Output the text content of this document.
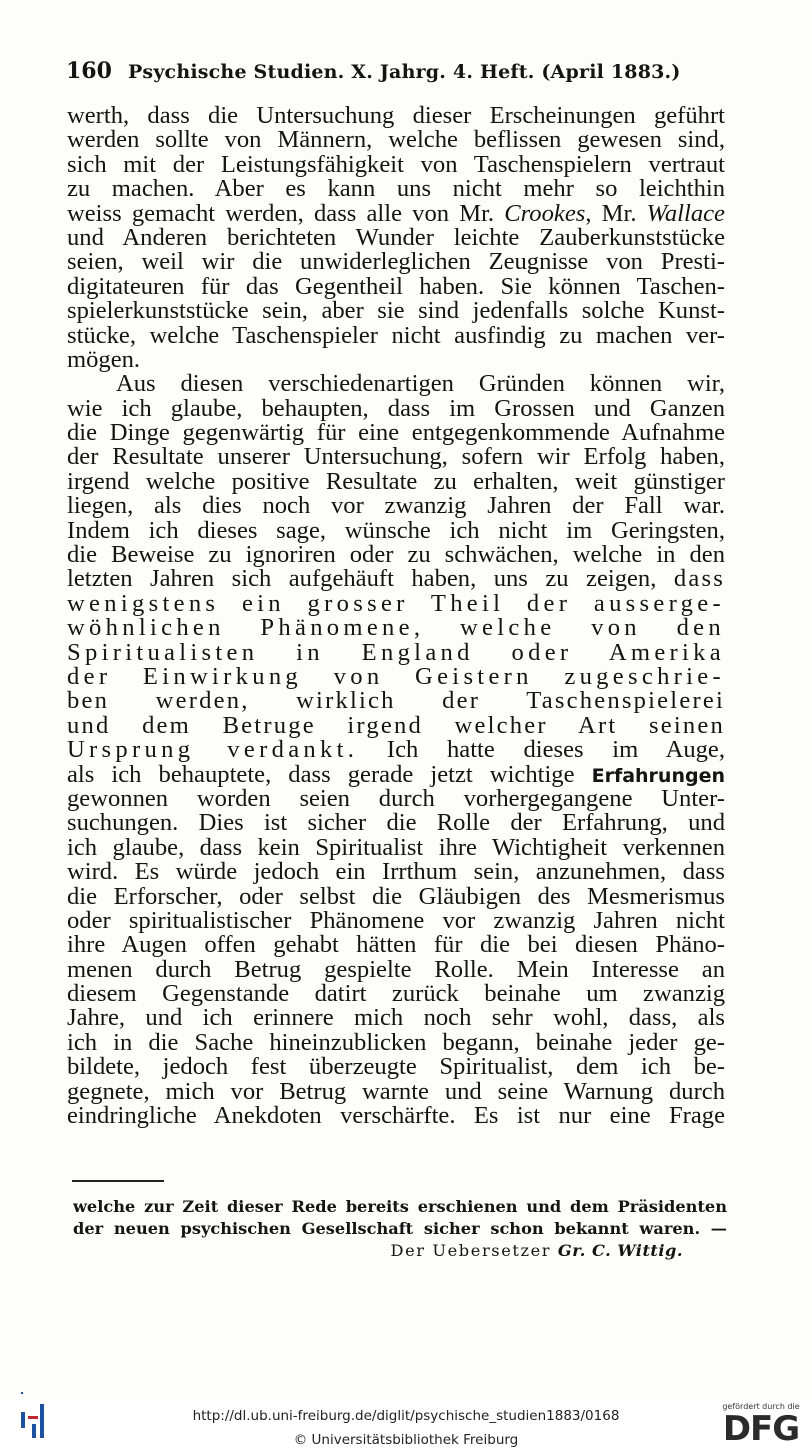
160 Psychische Studien. X. Jahrg. 4. Heft. (April 1883.)
werth, dass die Untersuchung dieser Erscheinungen geführt
werden sollte von Männern, welche beflissen gewesen sind,
sich mit der Leistungsfähigkeit von Taschenspielern vertraut
zu machen. Aber es kann uns nicht mehr so leichthin
weiss gemacht werden, dass alle von Mr. Crookes, Mr. Wallace
und Anderen berichteten Wunder leichte Zauberkunststücke
seien, weil wir die unwiderleglichen Zeugnisse von Presti-
digitateuren für das Gegentheil haben. Sie können Taschen-
spielerkunststücke sein, aber sie sind jedenfalls solche Kunst-
stücke, welche Taschenspieler nicht ausfindig zu machen ver-
mögen.
Aus diesen verschiedenartigen Gründen können wir,
wie ich glaube, behaupten, dass im Grossen und Ganzen
die Dinge gegenwärtig für eine entgegenkommende Aufnahme
der Resultate unserer Untersuchung, sofern wir Erfolg haben,
irgend welche positive Resultate zu erhalten, weit günstiger
liegen, als dies noch vor zwanzig Jahren der Fall war.
Indem ich dieses sage, wünsche ich nicht im Geringsten,
die Beweise zu ignoriren oder zu schwächen, welche in den
letzten Jahren sich aufgehäuft haben, uns zu zeigen, dass
wenigstens ein grosser Theil der ausserge-
wöhnlichen Phänomene, welche von den
Spiritualisten in England oder Amerika
der Einwirkung von Geistern zugeschrie-
ben werden, wirklich der Taschenspielerei
und dem Betruge irgend welcher Art seinen
Ursprung verdankt. Ich hatte dieses im Auge,
als ich behauptete, dass gerade jetzt wichtige Erfahrungen
gewonnen worden seien durch vorhergegangene Unter-
suchungen. Dies ist sicher die Rolle der Erfahrung, und
ich glaube, dass kein Spiritualist ihre Wichtigheit verkennen
wird. Es würde jedoch ein Irrthum sein, anzunehmen, dass
die Erforscher, oder selbst die Gläubigen des Mesmerismus
oder spiritualistischer Phänomene vor zwanzig Jahren nicht
ihre Augen offen gehabt hätten für die bei diesen Phäno-
menen durch Betrug gespielte Rolle. Mein Interesse an
diesem Gegenstande datirt zurück beinahe um zwanzig
Jahre, und ich erinnere mich noch sehr wohl, dass, als
ich in die Sache hineinzublicken begann, beinahe jeder ge-
bildete, jedoch fest überzeugte Spiritualist, dem ich be-
gegnete, mich vor Betrug warnte und seine Warnung durch
eindringliche Anekdoten verschärfte. Es ist nur eine Frage
welche zur Zeit dieser Rede bereits erschienen und dem Präsidenten
der neuen psychischen Gesellschaft sicher schon bekannt waren. —
Der Uebersetzer Gr. C. Wittig.
http://dl.ub.uni-freiburg.de/diglit/psychische_studien1883/0168
© Universitätsbibliothek Freiburg
gefördert durch die
DFG
